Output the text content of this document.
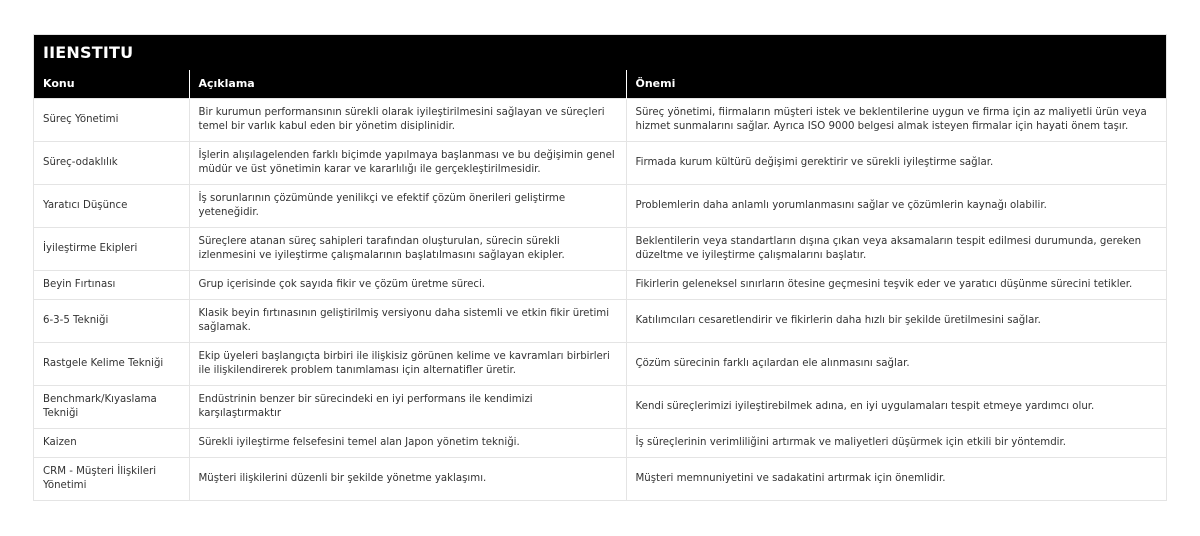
IIENSTITU
Konu	Açıklama	Önemi
Süreç Yönetimi	Bir kurumun performansının sürekli olarak iyileştirilmesini sağlayan ve süreçleri temel bir varlık kabul eden bir yönetim disiplinidir.	Süreç yönetimi, fiirmaların müşteri istek ve beklentilerine uygun ve firma için az maliyetli ürün veya hizmet sunmalarını sağlar. Ayrıca ISO 9000 belgesi almak isteyen firmalar için hayati önem taşır.
Süreç-odaklılık	İşlerin alışılagelenden farklı biçimde yapılmaya başlanması ve bu değişimin genel müdür ve üst yönetimin karar ve kararlılığı ile gerçekleştirilmesidir.	Firmada kurum kültürü değişimi gerektirir ve sürekli iyileştirme sağlar.
Yaratıcı Düşünce	İş sorunlarının çözümünde yenilikçi ve efektif çözüm önerileri geliştirme yeteneğidir.	Problemlerin daha anlamlı yorumlanmasını sağlar ve çözümlerin kaynağı olabilir.
İyileştirme Ekipleri	Süreçlere atanan süreç sahipleri tarafından oluşturulan, sürecin sürekli izlenmesini ve iyileştirme çalışmalarının başlatılmasını sağlayan ekipler.	Beklentilerin veya standartların dışına çıkan veya aksamaların tespit edilmesi durumunda, gereken düzeltme ve iyileştirme çalışmalarını başlatır.
Beyin Fırtınası	Grup içerisinde çok sayıda fikir ve çözüm üretme süreci.	Fikirlerin geleneksel sınırların ötesine geçmesini teşvik eder ve yaratıcı düşünme sürecini tetikler.
6-3-5 Tekniği	Klasik beyin fırtınasının geliştirilmiş versiyonu daha sistemli ve etkin fikir üretimi sağlamak.	Katılımcıları cesaretlendirir ve fikirlerin daha hızlı bir şekilde üretilmesini sağlar.
Rastgele Kelime Tekniği	Ekip üyeleri başlangıçta birbiri ile ilişkisiz görünen kelime ve kavramları birbirleri ile ilişkilendirerek problem tanımlaması için alternatifler üretir.	Çözüm sürecinin farklı açılardan ele alınmasını sağlar.
Benchmark/Kıyaslama Tekniği	Endüstrinin benzer bir sürecindeki en iyi performans ile kendimizi karşılaştırmaktır	Kendi süreçlerimizi iyileştirebilmek adına, en iyi uygulamaları tespit etmeye yardımcı olur.
Kaizen	Sürekli iyileştirme felsefesini temel alan Japon yönetim tekniği.	İş süreçlerinin verimliliğini artırmak ve maliyetleri düşürmek için etkili bir yöntemdir.
CRM - Müşteri İlişkileri Yönetimi	Müşteri ilişkilerini düzenli bir şekilde yönetme yaklaşımı.	Müşteri memnuniyetini ve sadakatini artırmak için önemlidir.
